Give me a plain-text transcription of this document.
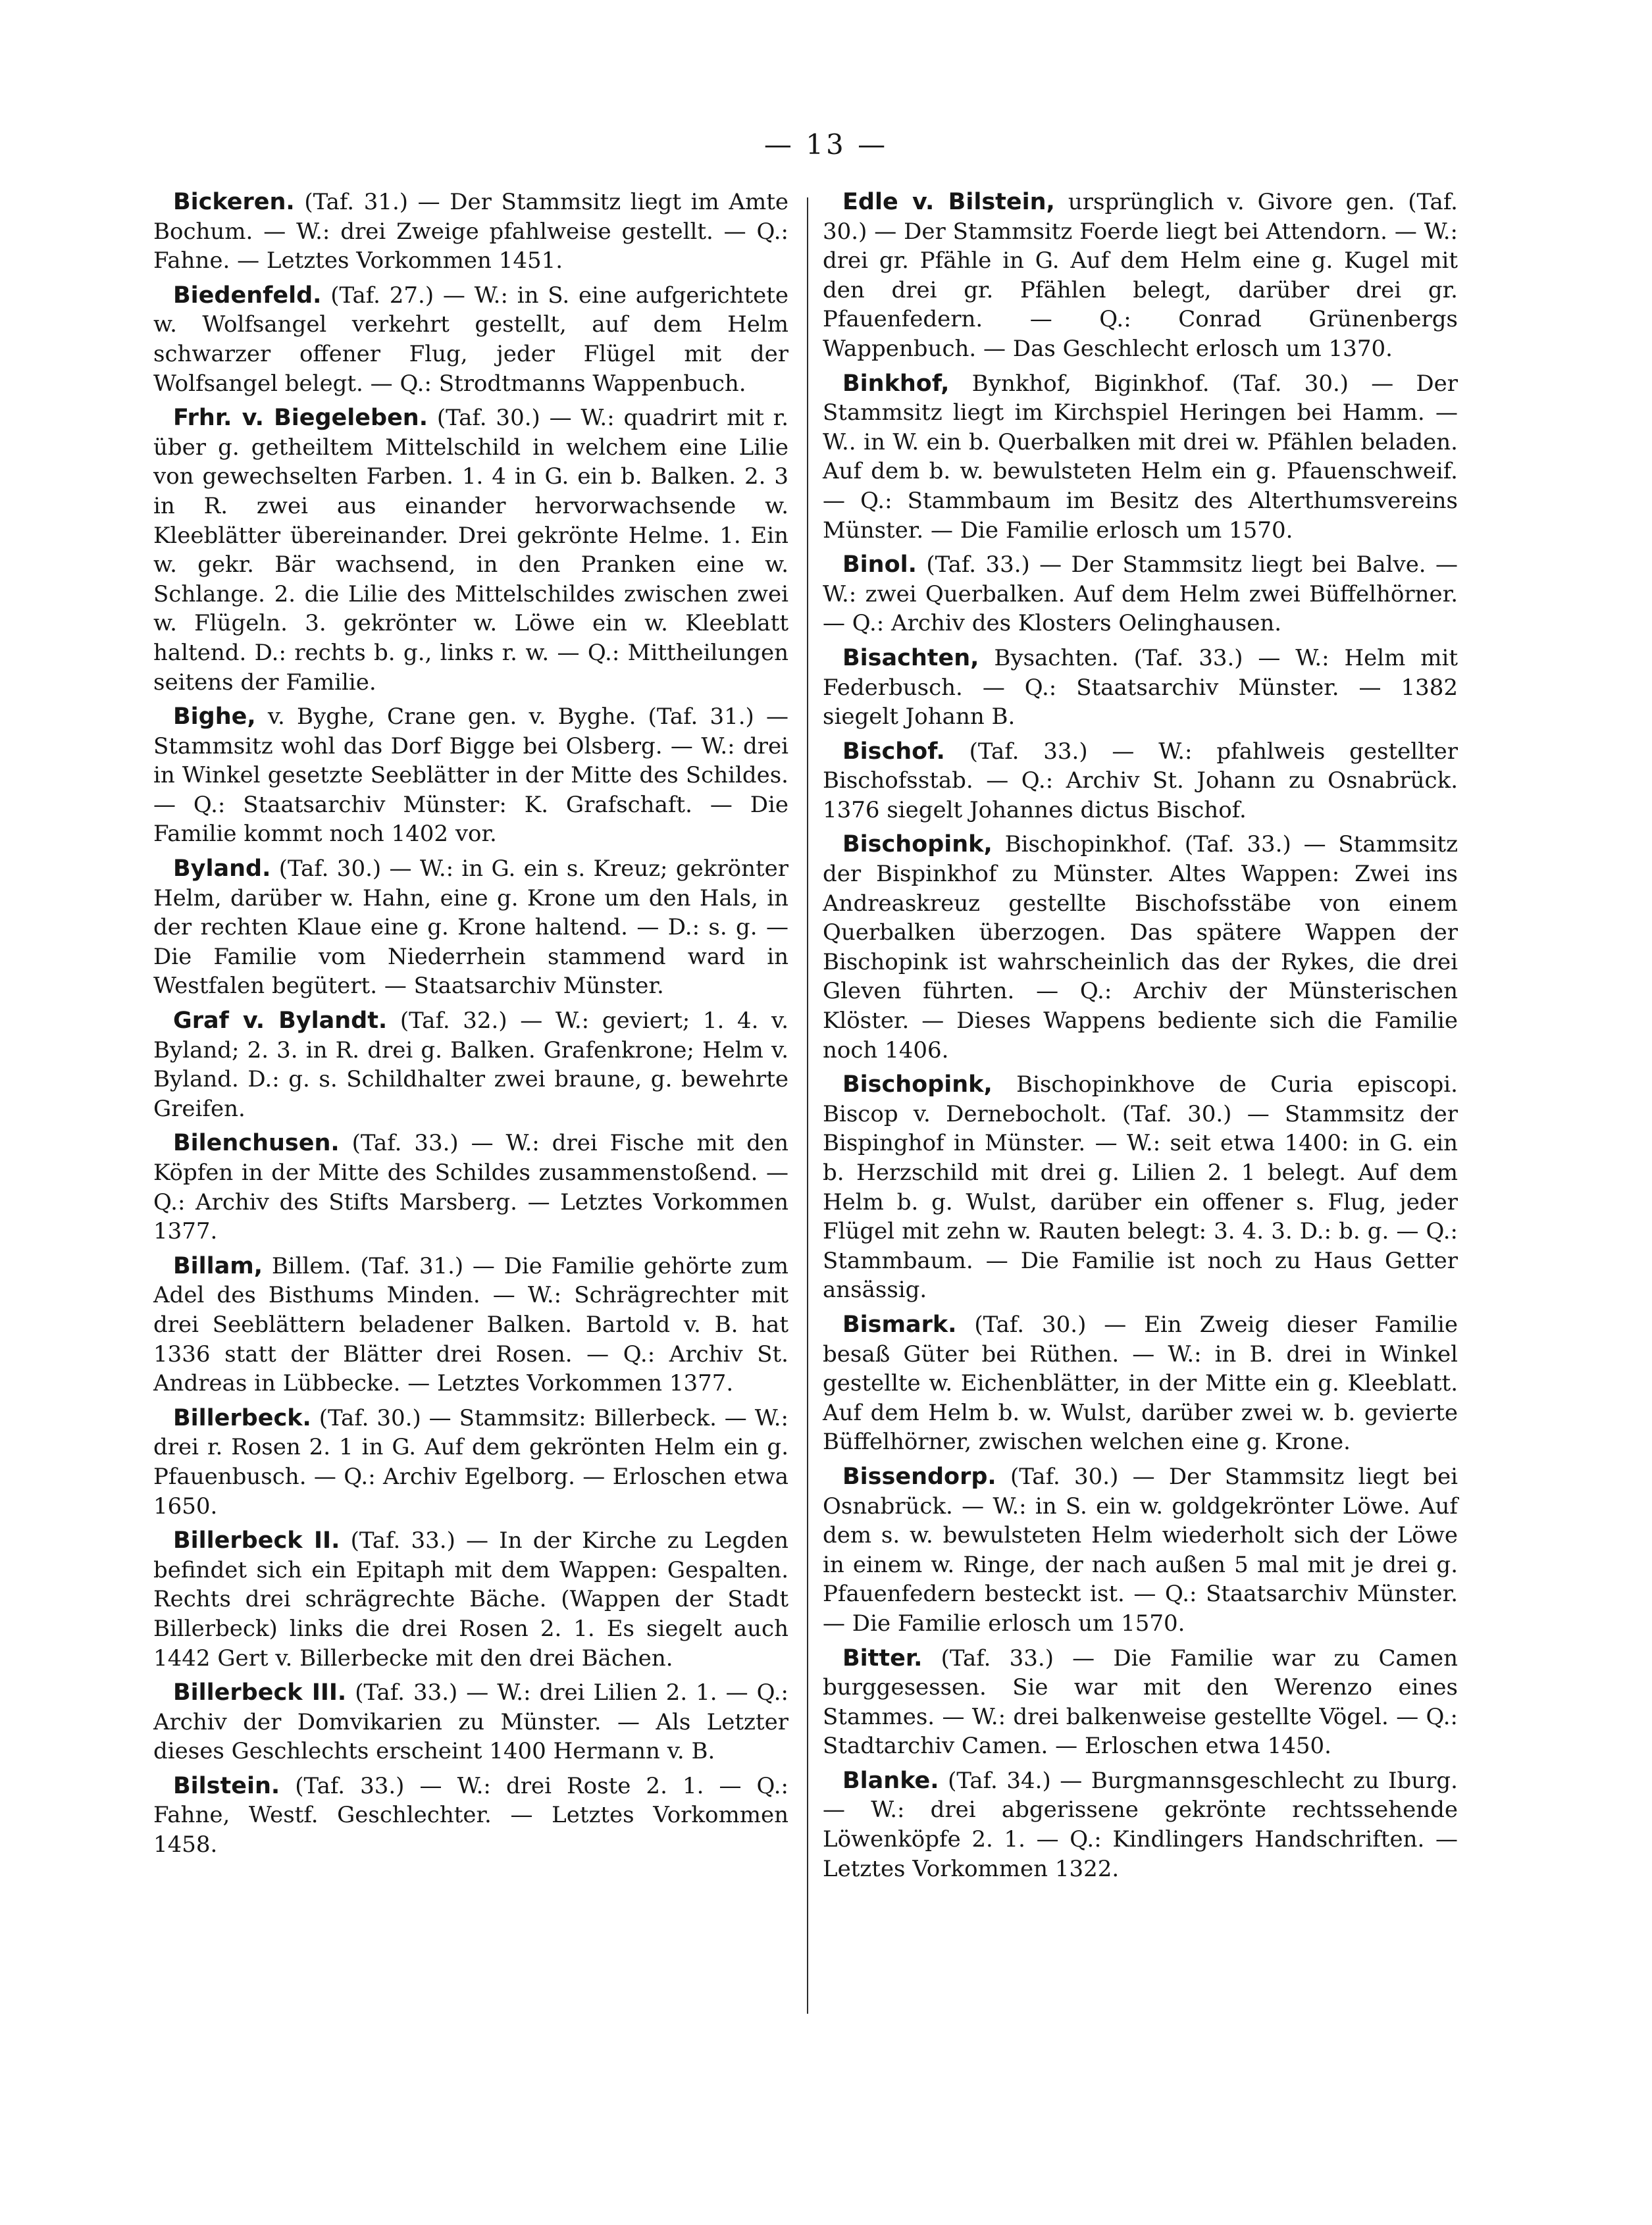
— 13 —

Bickeren. (Taf. 31.) — Der Stammsitz liegt im Amte Bochum. — W.: drei Zweige pfahlweise gestellt. — Q.: Fahne. — Letztes Vorkommen 1451.

Biedenfeld. (Taf. 27.) — W.: in S. eine aufgerichtete w. Wolfsangel verkehrt gestellt, auf dem Helm schwarzer offener Flug, jeder Flügel mit der Wolfsangel belegt. — Q.: Strodtmanns Wappenbuch.

Frhr. v. Biegeleben. (Taf. 30.) — W.: quadrirt mit r. über g. getheiltem Mittelschild in welchem eine Lilie von gewechselten Farben. 1. 4 in G. ein b. Balken. 2. 3 in R. zwei aus einander hervorwachsende w. Kleeblätter übereinander. Drei gekrönte Helme. 1. Ein w. gekr. Bär wachsend, in den Pranken eine w. Schlange. 2. die Lilie des Mittelschildes zwischen zwei w. Flügeln. 3. gekrönter w. Löwe ein w. Kleeblatt haltend. D.: rechts b. g., links r. w. — Q.: Mittheilungen seitens der Familie.

Bighe, v. Byghe, Crane gen. v. Byghe. (Taf. 31.) — Stammsitz wohl das Dorf Bigge bei Olsberg. — W.: drei in Winkel gesetzte Seeblätter in der Mitte des Schildes. — Q.: Staatsarchiv Münster: K. Grafschaft. — Die Familie kommt noch 1402 vor.

Byland. (Taf. 30.) — W.: in G. ein s. Kreuz; gekrönter Helm, darüber w. Hahn, eine g. Krone um den Hals, in der rechten Klaue eine g. Krone haltend. — D.: s. g. — Die Familie vom Niederrhein stammend ward in Westfalen begütert. — Staatsarchiv Münster.

Graf v. Bylandt. (Taf. 32.) — W.: geviert; 1. 4. v. Byland; 2. 3. in R. drei g. Balken. Grafenkrone; Helm v. Byland. D.: g. s. Schildhalter zwei braune, g. bewehrte Greifen.

Bilenchusen. (Taf. 33.) — W.: drei Fische mit den Köpfen in der Mitte des Schildes zusammenstoßend. — Q.: Archiv des Stifts Marsberg. — Letztes Vorkommen 1377.

Billam, Billem. (Taf. 31.) — Die Familie gehörte zum Adel des Bisthums Minden. — W.: Schrägrechter mit drei Seeblättern beladener Balken. Bartold v. B. hat 1336 statt der Blätter drei Rosen. — Q.: Archiv St. Andreas in Lübbecke. — Letztes Vorkommen 1377.

Billerbeck. (Taf. 30.) — Stammsitz: Billerbeck. — W.: drei r. Rosen 2. 1 in G. Auf dem gekrönten Helm ein g. Pfauenbusch. — Q.: Archiv Egelborg. — Erloschen etwa 1650.

Billerbeck II. (Taf. 33.) — In der Kirche zu Legden befindet sich ein Epitaph mit dem Wappen: Gespalten. Rechts drei schrägrechte Bäche. (Wappen der Stadt Billerbeck) links die drei Rosen 2. 1. Es siegelt auch 1442 Gert v. Billerbecke mit den drei Bächen.

Billerbeck III. (Taf. 33.) — W.: drei Lilien 2. 1. — Q.: Archiv der Domvikarien zu Münster. — Als Letzter dieses Geschlechts erscheint 1400 Hermann v. B.

Bilstein. (Taf. 33.) — W.: drei Roste 2. 1. — Q.: Fahne, Westf. Geschlechter. — Letztes Vorkommen 1458.

Edle v. Bilstein, ursprünglich v. Givore gen. (Taf. 30.) — Der Stammsitz Foerde liegt bei Attendorn. — W.: drei gr. Pfähle in G. Auf dem Helm eine g. Kugel mit den drei gr. Pfählen belegt, darüber drei gr. Pfauenfedern. — Q.: Conrad Grünenbergs Wappenbuch. — Das Geschlecht erlosch um 1370.

Binkhof, Bynkhof, Biginkhof. (Taf. 30.) — Der Stammsitz liegt im Kirchspiel Heringen bei Hamm. — W.. in W. ein b. Querbalken mit drei w. Pfählen beladen. Auf dem b. w. bewulsteten Helm ein g. Pfauenschweif. — Q.: Stammbaum im Besitz des Alterthumsvereins Münster. — Die Familie erlosch um 1570.

Binol. (Taf. 33.) — Der Stammsitz liegt bei Balve. — W.: zwei Querbalken. Auf dem Helm zwei Büffelhörner. — Q.: Archiv des Klosters Oelinghausen.

Bisachten, Bysachten. (Taf. 33.) — W.: Helm mit Federbusch. — Q.: Staatsarchiv Münster. — 1382 siegelt Johann B.

Bischof. (Taf. 33.) — W.: pfahlweis gestellter Bischofsstab. — Q.: Archiv St. Johann zu Osnabrück. 1376 siegelt Johannes dictus Bischof.

Bischopink, Bischopinkhof. (Taf. 33.) — Stammsitz der Bispinkhof zu Münster. Altes Wappen: Zwei ins Andreaskreuz gestellte Bischofsstäbe von einem Querbalken überzogen. Das spätere Wappen der Bischopink ist wahrscheinlich das der Rykes, die drei Gleven führten. — Q.: Archiv der Münsterischen Klöster. — Dieses Wappens bediente sich die Familie noch 1406.

Bischopink, Bischopinkhove de Curia episcopi. Biscop v. Dernebocholt. (Taf. 30.) — Stammsitz der Bispinghof in Münster. — W.: seit etwa 1400: in G. ein b. Herzschild mit drei g. Lilien 2. 1 belegt. Auf dem Helm b. g. Wulst, darüber ein offener s. Flug, jeder Flügel mit zehn w. Rauten belegt: 3. 4. 3. D.: b. g. — Q.: Stammbaum. — Die Familie ist noch zu Haus Getter ansässig.

Bismark. (Taf. 30.) — Ein Zweig dieser Familie besaß Güter bei Rüthen. — W.: in B. drei in Winkel gestellte w. Eichenblätter, in der Mitte ein g. Kleeblatt. Auf dem Helm b. w. Wulst, darüber zwei w. b. gevierte Büffelhörner, zwischen welchen eine g. Krone.

Bissendorp. (Taf. 30.) — Der Stammsitz liegt bei Osnabrück. — W.: in S. ein w. goldgekrönter Löwe. Auf dem s. w. bewulsteten Helm wiederholt sich der Löwe in einem w. Ringe, der nach außen 5 mal mit je drei g. Pfauenfedern besteckt ist. — Q.: Staatsarchiv Münster. — Die Familie erlosch um 1570.

Bitter. (Taf. 33.) — Die Familie war zu Camen burggesessen. Sie war mit den Werenzo eines Stammes. — W.: drei balkenweise gestellte Vögel. — Q.: Stadtarchiv Camen. — Erloschen etwa 1450.

Blanke. (Taf. 34.) — Burgmannsgeschlecht zu Iburg. — W.: drei abgerissene gekrönte rechtssehende Löwenköpfe 2. 1. — Q.: Kindlingers Handschriften. — Letztes Vorkommen 1322.
